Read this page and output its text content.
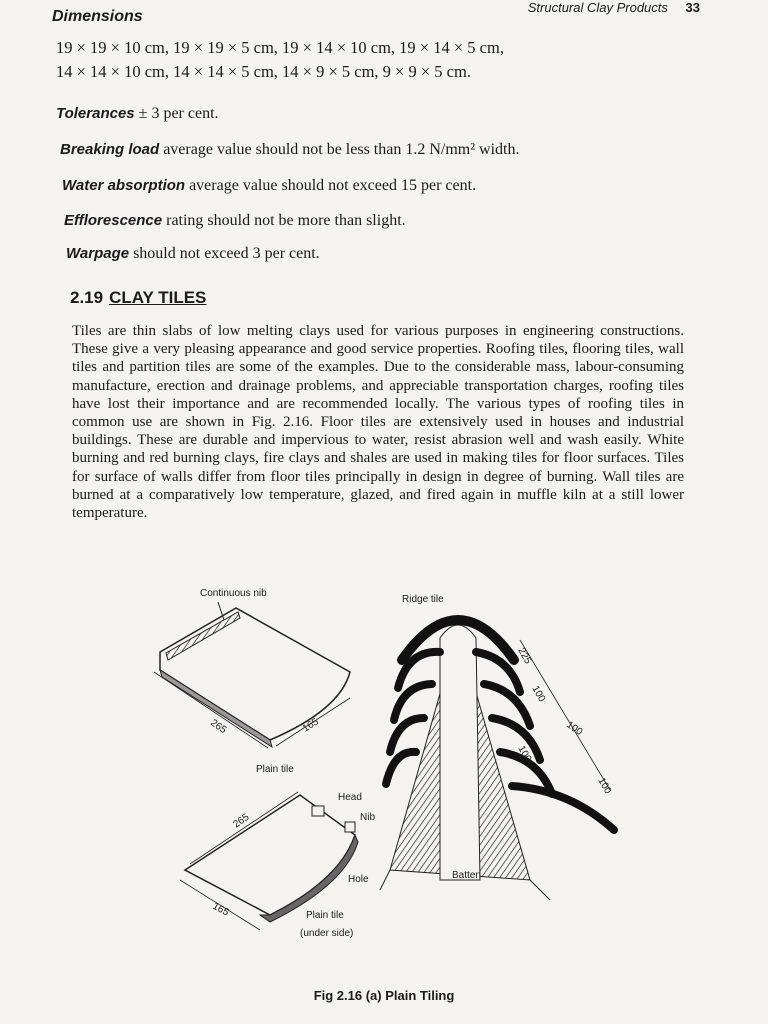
Structural Clay Products 33
Dimensions
19 × 19 × 10 cm, 19 × 19 × 5 cm, 19 × 14 × 10 cm, 19 × 14 × 5 cm,
14 × 14 × 10 cm, 14 × 14 × 5 cm, 14 × 9 × 5 cm, 9 × 9 × 5 cm.
Tolerances ± 3 per cent.
Breaking load average value should not be less than 1.2 N/mm² width.
Water absorption average value should not exceed 15 per cent.
Efflorescence rating should not be more than slight.
Warpage should not exceed 3 per cent.
2.19 CLAY TILES
Tiles are thin slabs of low melting clays used for various purposes in engineering constructions. These give a very pleasing appearance and good service properties. Roofing tiles, flooring tiles, wall tiles and partition tiles are some of the examples. Due to the considerable mass, labour-consuming manufacture, erection and drainage problems, and appreciable transportation charges, roofing tiles have lost their importance and are recommended locally. The various types of roofing tiles in common use are shown in Fig. 2.16. Floor tiles are extensively used in houses and industrial buildings. These are durable and impervious to water, resist abrasion well and wash easily. White burning and red burning clays, fire clays and shales are used in making tiles for floor surfaces. Tiles for surface of walls differ from floor tiles principally in design in degree of burning. Wall tiles are burned at a comparatively low temperature, glazed, and fired again in muffle kiln at a still lower temperature.
Continuous nib
265	165
Plain tile
Head
Nib
265
Hole
165	Plain tile
(under side)
Ridge tile
225
100
100
100
100
Batten
Fig 2.16 (a) Plain Tiling
